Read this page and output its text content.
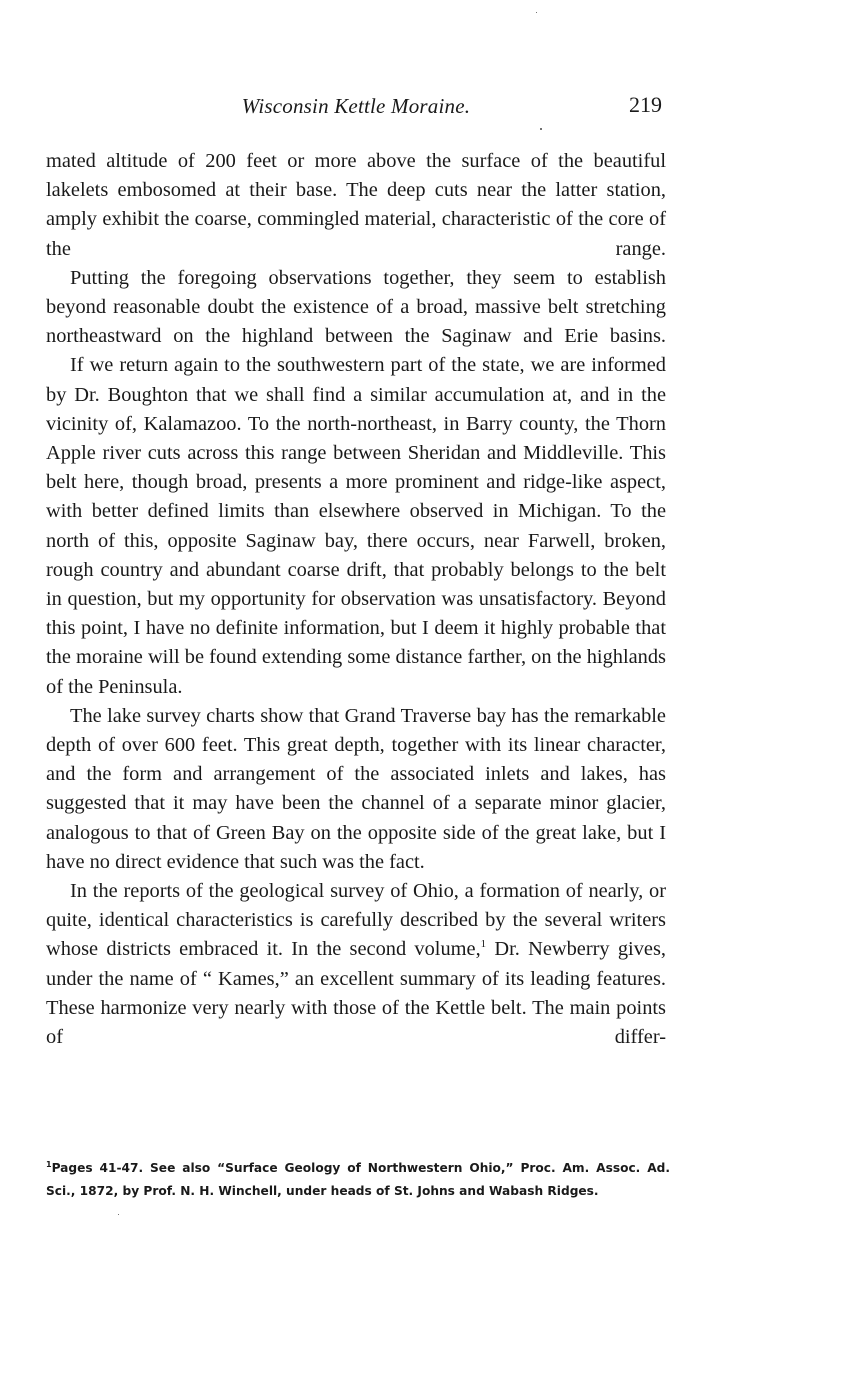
Wisconsin Kettle Moraine.	219

mated altitude of 200 feet or more above the surface of the beautiful lakelets embosomed at their base. The deep cuts near the latter station, amply exhibit the coarse, commingled material, characteristic of the core of the range.

Putting the foregoing observations together, they seem to establish beyond reasonable doubt the existence of a broad, massive belt stretching northeastward on the highland between the Saginaw and Erie basins.

If we return again to the southwestern part of the state, we are informed by Dr. Boughton that we shall find a similar accumulation at, and in the vicinity of, Kalamazoo. To the north-northeast, in Barry county, the Thorn Apple river cuts across this range between Sheridan and Middleville. This belt here, though broad, presents a more prominent and ridge-like aspect, with better defined limits than elsewhere observed in Michigan. To the north of this, opposite Saginaw bay, there occurs, near Farwell, broken, rough country and abundant coarse drift, that probably belongs to the belt in question, but my opportunity for observation was unsatisfactory. Beyond this point, I have no definite information, but I deem it highly probable that the moraine will be found extending some distance farther, on the highlands of the Peninsula.

The lake survey charts show that Grand Traverse bay has the remarkable depth of over 600 feet. This great depth, together with its linear character, and the form and arrangement of the associated inlets and lakes, has suggested that it may have been the channel of a separate minor glacier, analogous to that of Green Bay on the opposite side of the great lake, but I have no direct evidence that such was the fact.

In the reports of the geological survey of Ohio, a formation of nearly, or quite, identical characteristics is carefully described by the several writers whose districts embraced it. In the second volume,$^1$ Dr. Newberry gives, under the name of “ Kames,” an excellent summary of its leading features. These harmonize very nearly with those of the Kettle belt. The main points of differ-

$^1$Pages 41-47. See also “Surface Geology of Northwestern Ohio,” Proc. Am. Assoc. Ad. Sci., 1872, by Prof. N. H. Winchell, under heads of St. Johns and Wabash Ridges.
